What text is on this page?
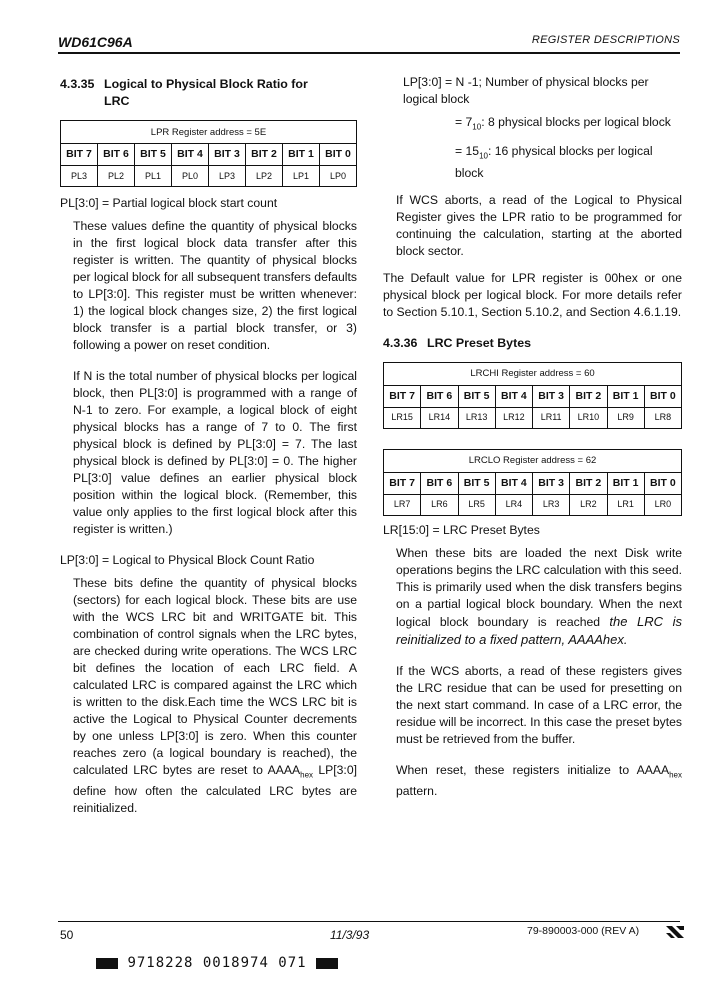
WD61C96A	REGISTER DESCRIPTIONS
4.3.35 Logical to Physical Block Ratio for
LRC
LPR Register address = 5E							
BIT 7	BIT 6	BIT 5	BIT 4	BIT 3	BIT 2	BIT 1	BIT 0
PL3	PL2	PL1	PL0	LP3	LP2	LP1	LP0

PL[3:0] = Partial logical block start count

These values define the quantity of physical blocks in the first logical block data transfer after this register is written. The quantity of physical blocks per logical block for all subsequent transfers defaults to LP[3:0]. This register must be written whenever: 1) the logical block changes size, 2) the first logical block transfer is a partial block transfer, or 3) following a power on reset condition.

If N is the total number of physical blocks per logical block, then PL[3:0] is programmed with a range of N-1 to zero. For example, a logical block of eight physical blocks has a range of 7 to 0. The first physical block is defined by PL[3:0] = 7. The last physical block is defined by PL[3:0] = 0. The higher PL[3:0] value defines an earlier physical block position within the logical block. (Remember, this value only applies to the first logical block after this register is written.)

LP[3:0] = Logical to Physical Block Count Ratio

These bits define the quantity of physical blocks (sectors) for each logical block. These bits are use with the WCS LRC bit and WRITGATE bit. This combination of control signals when the LRC bytes, are checked during write operations. The WCS LRC bit defines the location of each LRC field. A calculated LRC is compared against the LRC which is written to the disk.Each time the WCS LRC bit is active the Logical to Physical Counter decrements by one unless LP[3:0] is zero. When this counter reaches zero (a logical boundary is reached), the calculated LRC bytes are reset to $AAAA_{hex}$ LP[3:0] define how often the calculated LRC bytes are reinitialized.

LP[3:0] = N -1; Number of physical blocks per logical block

= $7_{10}$: 8 physical blocks per logical block

= $15_{10}$: 16 physical blocks per logical block

If WCS aborts, a read of the Logical to Physical Register gives the LPR ratio to be programmed for continuing the calculation, starting at the aborted block sector.

The Default value for LPR register is 00hex or one physical block per logical block. For more details refer to Section 5.10.1, Section 5.10.2, and Section 4.6.1.19.

4.3.36 LRC Preset Bytes
LRCHI Register address = 60							
BIT 7	BIT 6	BIT 5	BIT 4	BIT 3	BIT 2	BIT 1	BIT 0
LR15	LR14	LR13	LR12	LR11	LR10	LR9	LR8
LRCLO Register address = 62							
BIT 7	BIT 6	BIT 5	BIT 4	BIT 3	BIT 2	BIT 1	BIT 0
LR7	LR6	LR5	LR4	LR3	LR2	LR1	LR0

LR[15:0] = LRC Preset Bytes

When these bits are loaded the next Disk write operations begins the LRC calculation with this seed. This is primarily used when the disk transfers begins on a partial logical block boundary. When the next logical block boundary is reached the LRC is reinitialized to a fixed pattern, AAAAhex.

If the WCS aborts, a read of these registers gives the LRC residue that can be used for presetting on the next start command. In case of a LRC error, the residue will be incorrect. In this case the preset bytes must be retrieved from the buffer.

When reset, these registers initialize to $AAAA_{hex}$ pattern.

50	11/3/93	79-890003-000 (REV A)
9718228 0018974 071
